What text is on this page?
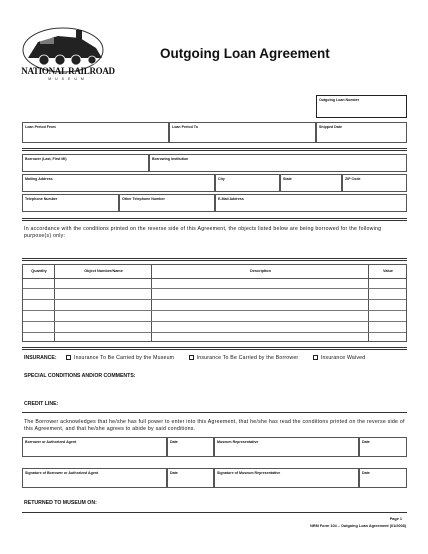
NATIONAL RAILROAD
MUSEUM
Outgoing Loan Agreement
Outgoing Loan Number
Loan Period From	Loan Period To	Shipped Date
Borrower (Last, First MI)	Borrowing Institution
Mailing Address	City	State	ZIP Code
Telephone Number	Other Telephone Number	E-Mail Address
In accordance with the conditions printed on the reverse side of this Agreement, the objects listed below are being borrowed for the following purpose(s) only:
Quantity	Object Number/Name	Description	Value
INSURANCE:	Insurance To Be Carried by the Museum	Insurance To Be Carried by the Borrower	Insurance Waived
SPECIAL CONDITIONS AND/OR COMMENTS:
CREDIT LINE:
The Borrower acknowledges that he/she has full power to enter into this Agreement, that he/she has read the conditions printed on the reverse side of this Agreement, and that he/she agrees to abide by said conditions.
Borrower or Authorized Agent	Date	Museum Representative	Date
Signature of Borrower or Authorized Agent	Date	Signature of Museum Representative	Date
RETURNED TO MUSEUM ON:
Page 1
NRM Form 104 – Outgoing Loan Agreement (01/2008)
